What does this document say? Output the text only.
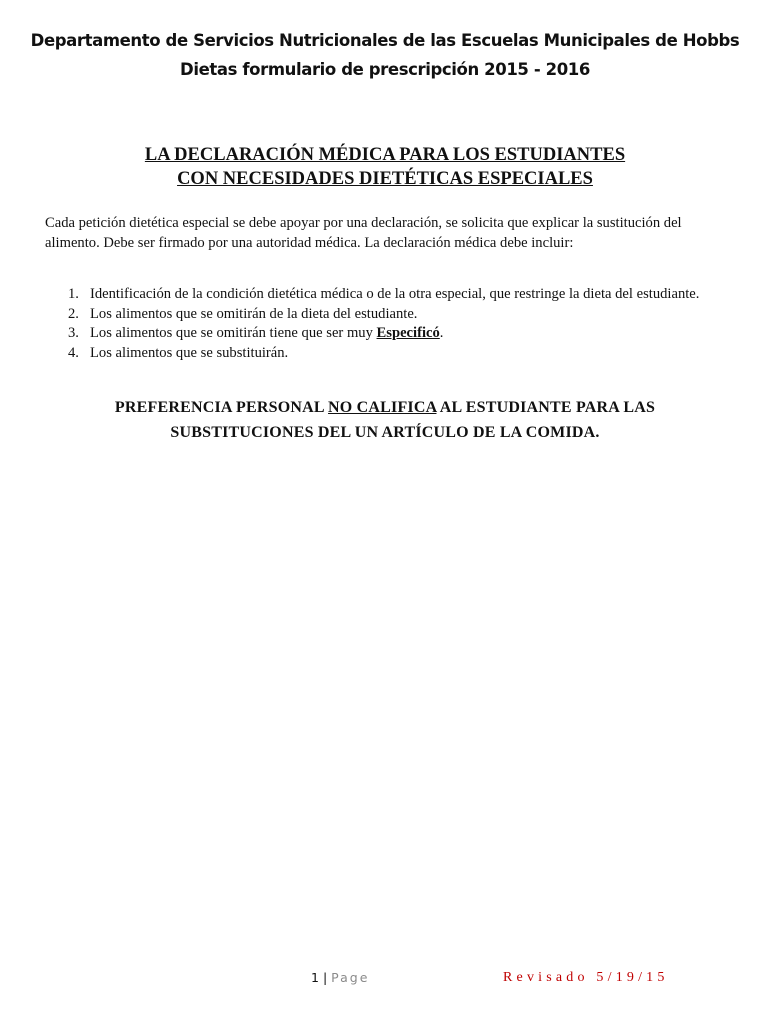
Departamento de Servicios Nutricionales de las Escuelas Municipales de Hobbs
Dietas formulario de prescripción 2015 - 2016
LA DECLARACIÓN MÉDICA PARA LOS ESTUDIANTES
CON NECESIDADES DIETÉTICAS ESPECIALES
Cada petición dietética especial se debe apoyar por una declaración, se solicita que explicar la sustitución del alimento. Debe ser firmado por una autoridad médica. La declaración médica debe incluir:
1. Identificación de la condición dietética médica o de la otra especial, que restringe la dieta del estudiante.
2. Los alimentos que se omitirán de la dieta del estudiante.
3. Los alimentos que se omitirán tiene que ser muy Especificó.
4. Los alimentos que se substituirán.
PREFERENCIA PERSONAL NO CALIFICA AL ESTUDIANTE PARA LAS
SUBSTITUCIONES DEL UN ARTÍCULO DE LA COMIDA.
1 | Page	Revisado 5/19/15
